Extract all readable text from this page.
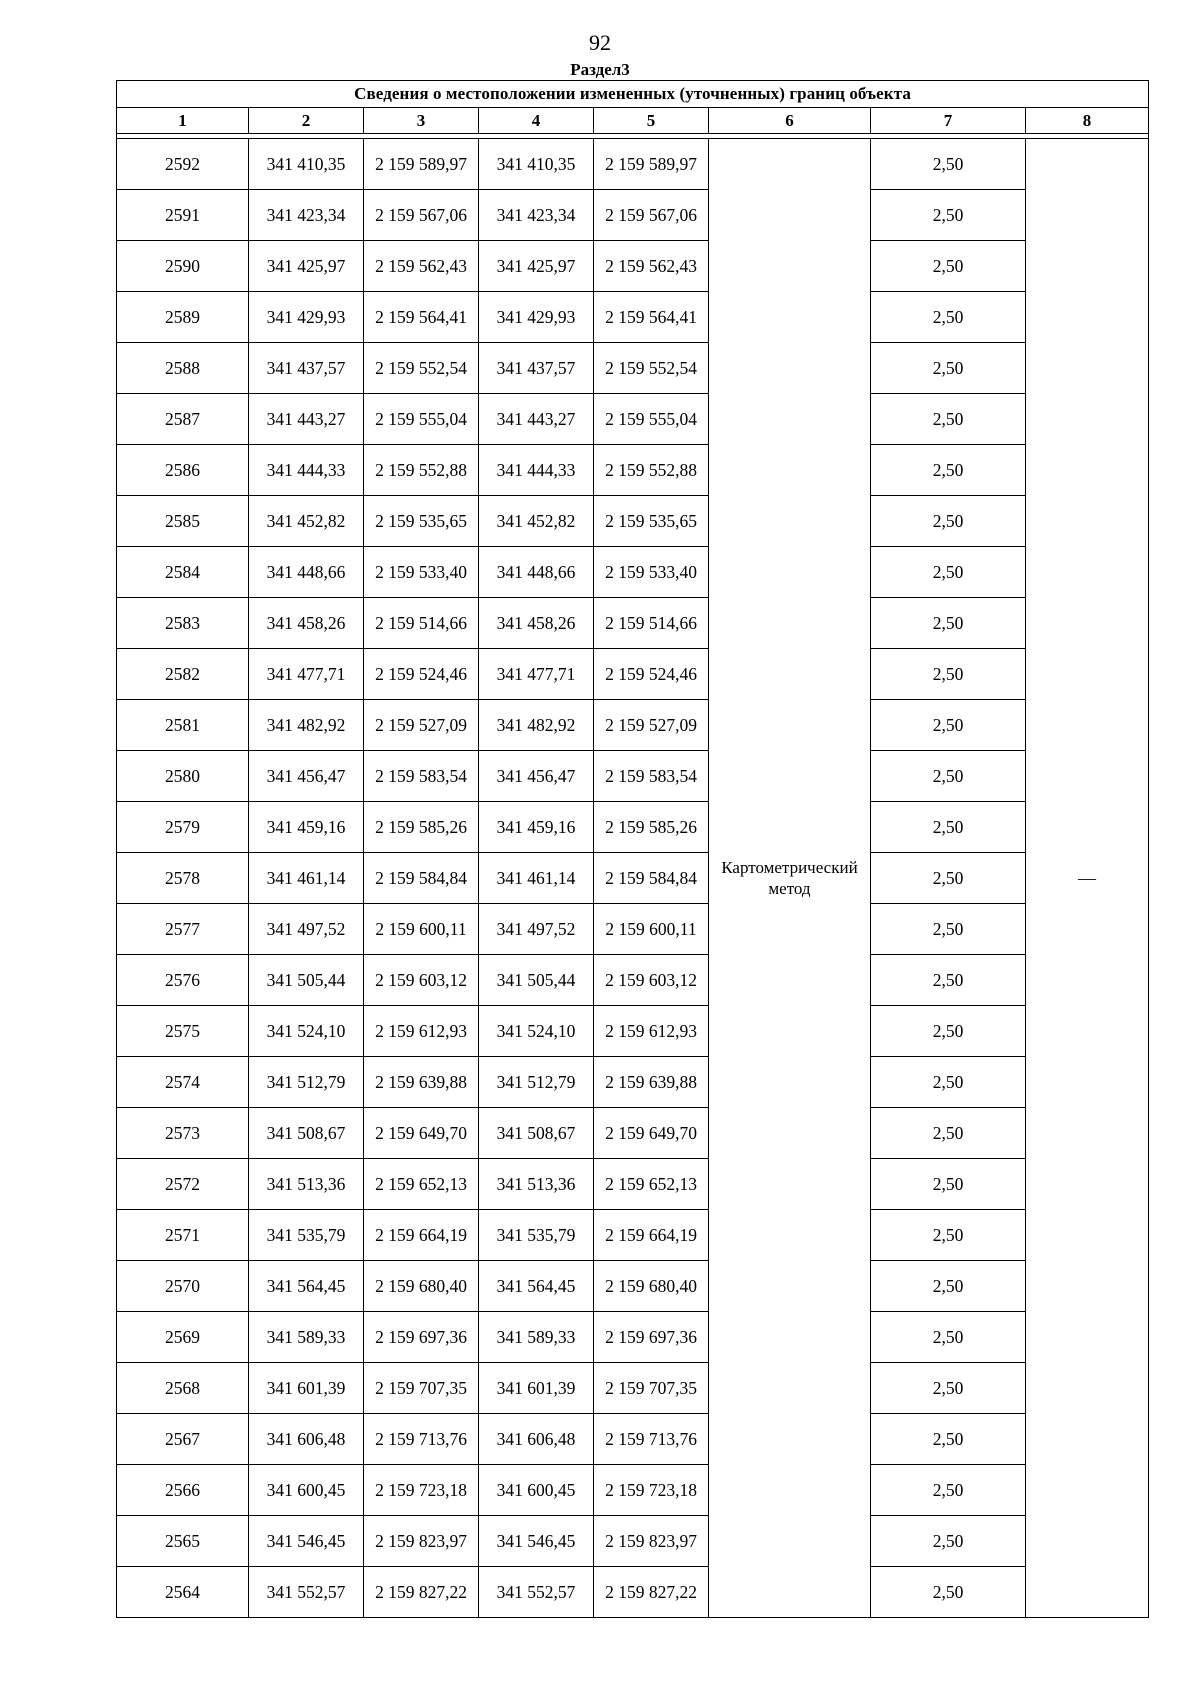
92
Раздел3
Сведения о местоположении измененных (уточненных) границ объекта							
1	2	3	4	5	6	7	8

2592	341 410,35	2 159 589,97	341 410,35	2 159 589,97	Картометрический метод	2,50	—
2591	341 423,34	2 159 567,06	341 423,34	2 159 567,06		2,50	
2590	341 425,97	2 159 562,43	341 425,97	2 159 562,43		2,50	
2589	341 429,93	2 159 564,41	341 429,93	2 159 564,41		2,50	
2588	341 437,57	2 159 552,54	341 437,57	2 159 552,54		2,50	
2587	341 443,27	2 159 555,04	341 443,27	2 159 555,04		2,50	
2586	341 444,33	2 159 552,88	341 444,33	2 159 552,88		2,50	
2585	341 452,82	2 159 535,65	341 452,82	2 159 535,65		2,50	
2584	341 448,66	2 159 533,40	341 448,66	2 159 533,40		2,50	
2583	341 458,26	2 159 514,66	341 458,26	2 159 514,66		2,50	
2582	341 477,71	2 159 524,46	341 477,71	2 159 524,46		2,50	
2581	341 482,92	2 159 527,09	341 482,92	2 159 527,09		2,50	
2580	341 456,47	2 159 583,54	341 456,47	2 159 583,54		2,50	
2579	341 459,16	2 159 585,26	341 459,16	2 159 585,26		2,50	
2578	341 461,14	2 159 584,84	341 461,14	2 159 584,84		2,50	
2577	341 497,52	2 159 600,11	341 497,52	2 159 600,11		2,50	
2576	341 505,44	2 159 603,12	341 505,44	2 159 603,12		2,50	
2575	341 524,10	2 159 612,93	341 524,10	2 159 612,93		2,50	
2574	341 512,79	2 159 639,88	341 512,79	2 159 639,88		2,50	
2573	341 508,67	2 159 649,70	341 508,67	2 159 649,70		2,50	
2572	341 513,36	2 159 652,13	341 513,36	2 159 652,13		2,50	
2571	341 535,79	2 159 664,19	341 535,79	2 159 664,19		2,50	
2570	341 564,45	2 159 680,40	341 564,45	2 159 680,40		2,50	
2569	341 589,33	2 159 697,36	341 589,33	2 159 697,36		2,50	
2568	341 601,39	2 159 707,35	341 601,39	2 159 707,35		2,50	
2567	341 606,48	2 159 713,76	341 606,48	2 159 713,76		2,50	
2566	341 600,45	2 159 723,18	341 600,45	2 159 723,18		2,50	
2565	341 546,45	2 159 823,97	341 546,45	2 159 823,97		2,50	
2564	341 552,57	2 159 827,22	341 552,57	2 159 827,22		2,50	
